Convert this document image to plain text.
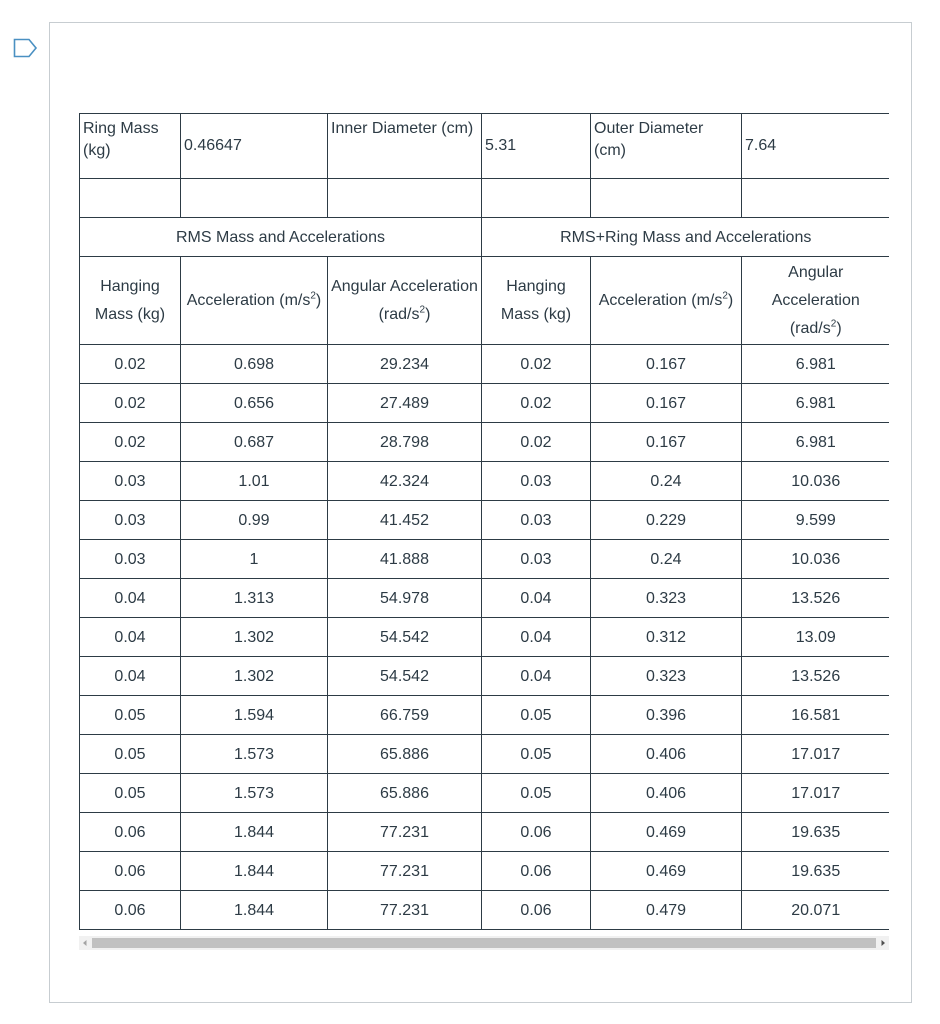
Ring Mass (kg)	0.46647	Inner Diameter (cm)	5.31	Outer Diameter (cm)	7.64

RMS Mass and Accelerations			RMS+Ring Mass and Accelerations		
Hanging Mass (kg)	Acceleration $(m/s^2)$	Angular Acceleration $(rad/s^2)$	Hanging Mass (kg)	Acceleration $(m/s^2)$	Angular Acceleration $(rad/s^2)$
0.02	0.698	29.234	0.02	0.167	6.981
0.02	0.656	27.489	0.02	0.167	6.981
0.02	0.687	28.798	0.02	0.167	6.981
0.03	1.01	42.324	0.03	0.24	10.036
0.03	0.99	41.452	0.03	0.229	9.599
0.03	1	41.888	0.03	0.24	10.036
0.04	1.313	54.978	0.04	0.323	13.526
0.04	1.302	54.542	0.04	0.312	13.09
0.04	1.302	54.542	0.04	0.323	13.526
0.05	1.594	66.759	0.05	0.396	16.581
0.05	1.573	65.886	0.05	0.406	17.017
0.05	1.573	65.886	0.05	0.406	17.017
0.06	1.844	77.231	0.06	0.469	19.635
0.06	1.844	77.231	0.06	0.469	19.635
0.06	1.844	77.231	0.06	0.479	20.071
